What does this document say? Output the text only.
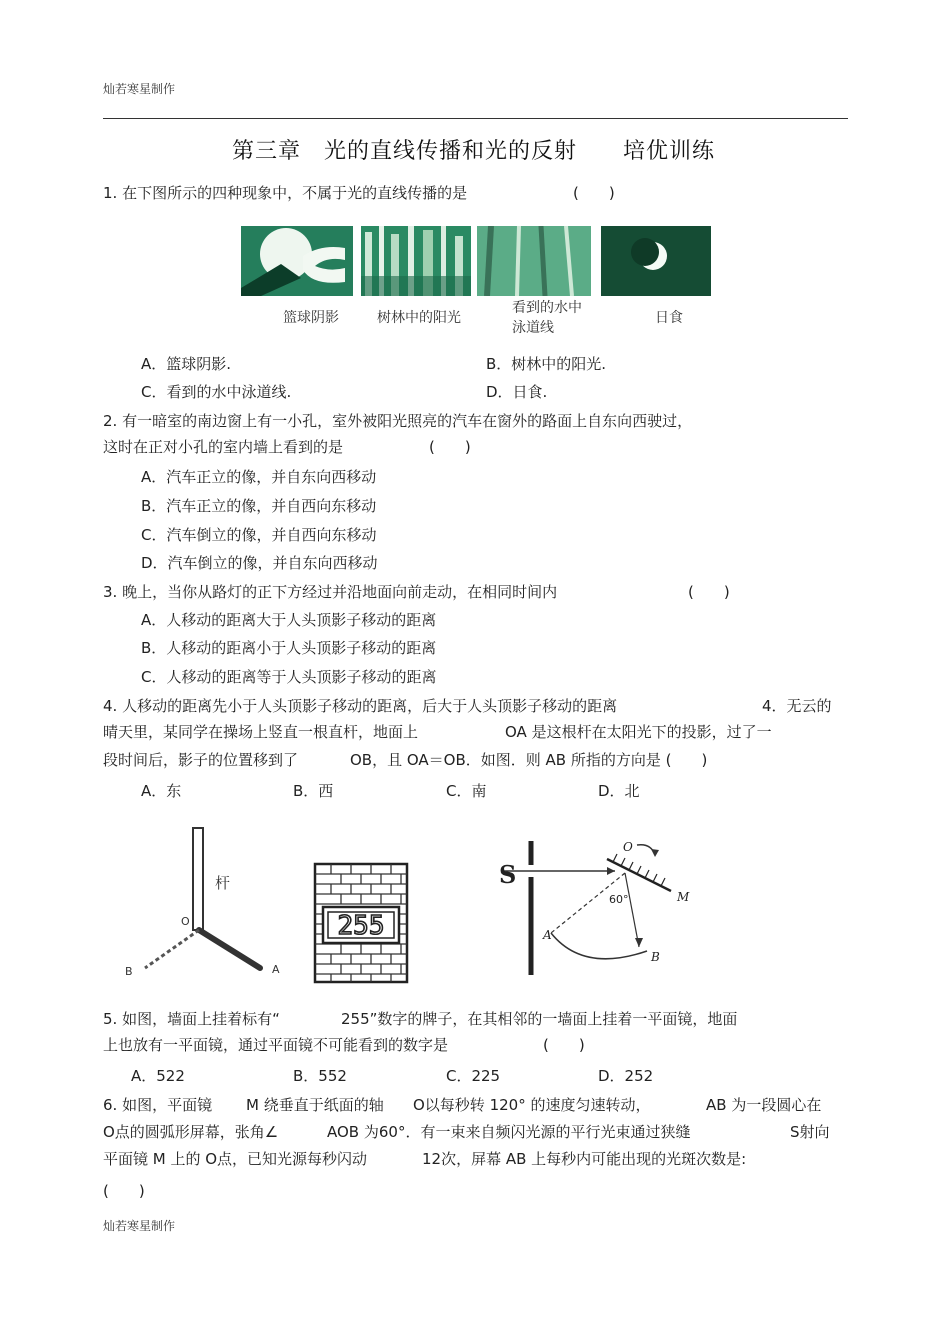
灿若寒星制作
第三章　光的直线传播和光的反射　　培优训练
1. 在下图所示的四种现象中，不属于光的直线传播的是	(　　)
篮球阴影	树林中的阳光
看到的水中
泳道线
日食
A．篮球阴影.	B．树林中的阳光.
C．看到的水中泳道线.	D．日食.
2. 有一暗室的南边窗上有一小孔，室外被阳光照亮的汽车在窗外的路面上自东向西驶过，
这时在正对小孔的室内墙上看到的是	(　　)
A．汽车正立的像，并自东向西移动
B．汽车正立的像，并自西向东移动
C．汽车倒立的像，并自西向东移动
D．汽车倒立的像，并自东向西移动
3. 晚上，当你从路灯的正下方经过并沿地面向前走动，在相同时间内	(　　)
A．人移动的距离大于人头顶影子移动的距离
B．人移动的距离小于人头顶影子移动的距离
C．人移动的距离等于人头顶影子移动的距离
4. 人移动的距离先小于人头顶影子移动的距离，后大于人头顶影子移动的距离	4．无云的
晴天里，某同学在操场上竖直一根直杆，地面上	OA 是这根杆在太阳光下的投影，过了一
段时间后，影子的位置移到了	OB，且 OA＝OB．如图．则 AB 所指的方向是 (　　)
A．东	B．西	C．南	D．北
杆
O
A
B
255
S
O
M
60°
A
B
5. 如图，墙面上挂着标有“	255”数字的牌子，在其相邻的一墙面上挂着一平面镜，地面
上也放有一平面镜，通过平面镜不可能看到的数字是	(　　)
A．522	B．552	C．225	D．252
6. 如图，平面镜 M 绕垂直于纸面的轴 O以每秒转 120° 的速度匀速转动，	AB 为一段圆心在
O点的圆弧形屏幕，张角∠	AOB 为60°．有一束来自频闪光源的平行光束通过狭缝	S射向
平面镜 M 上的 O点，已知光源每秒闪动	12次，屏幕 AB 上每秒内可能出现的光斑次数是:
(　　)
灿若寒星制作
